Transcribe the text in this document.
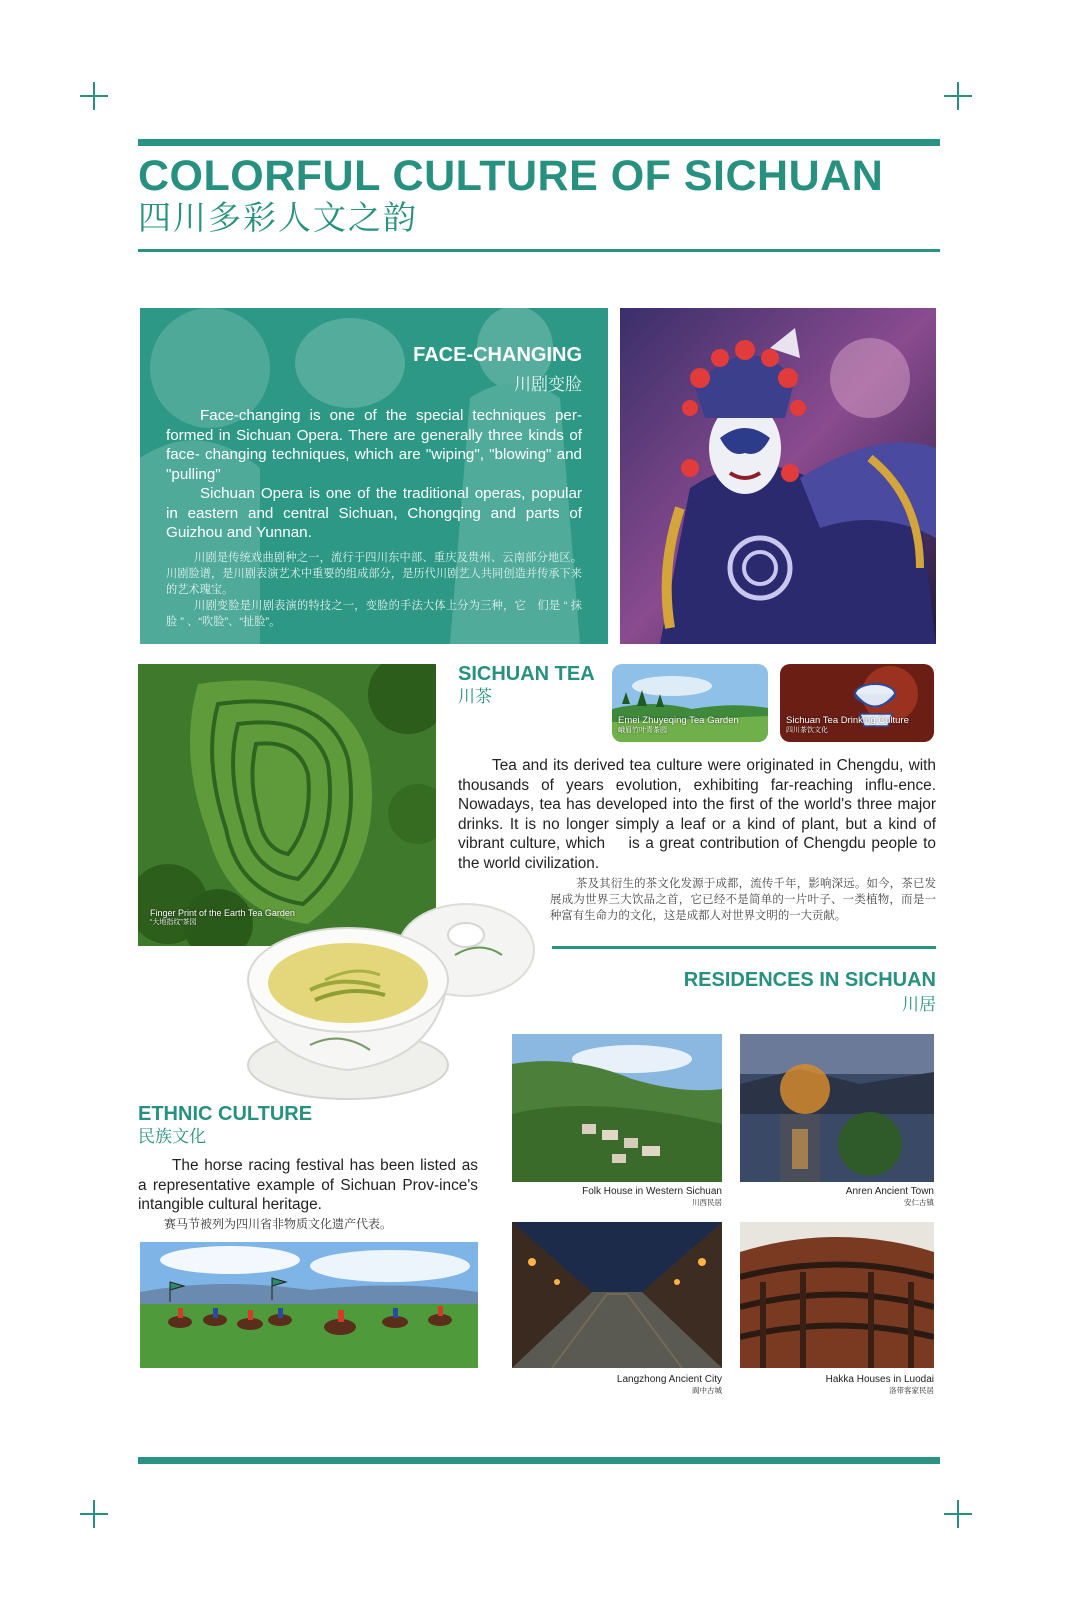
COLORFUL CULTURE OF SICHUAN
四川多彩人文之韵
FACE-CHANGING
川剧变脸

Face-changing is one of the special techniques per-formed in Sichuan Opera. There are generally three kinds of face- changing techniques, which are "wiping", "blowing" and "pulling"

Sichuan Opera is one of the traditional operas, popular in eastern and central Sichuan, Chongqing and parts of Guizhou and Yunnan.

川剧是传统戏曲剧种之一，流行于四川东中部、重庆及贵州、云南部分地区。川剧脸谱，是川剧表演艺术中重要的组成部分，是历代川剧艺人共同创造并传承下来的艺术瑰宝。

川剧变脸是川剧表演的特技之一，变脸的手法大体上分为三种，它　们是 “ 抹 脸 ” 、“吹脸”、“扯脸”。

Finger Print of the Earth Tea Garden
“大地指纹”茶园
SICHUAN TEA
川茶
Emei Zhuyeqing Tea Garden
峨眉竹叶青茶园
Sichuan Tea Drinking Culture
四川茶饮文化

Tea and its derived tea culture were originated in Chengdu, with thousands of years evolution, exhibiting far-reaching influ-ence. Nowadays, tea has developed into the first of the world's three major drinks. It is no longer simply a leaf or a kind of plant, but a kind of vibrant culture, which　 is a great contribution of Chengdu people to the world civilization.

茶及其衍生的茶文化发源于成都，流传千年，影响深远。如今，茶已发展成为世界三大饮品之首，它已经不是简单的一片叶子、一类植物，而是一种富有生命力的文化，这是成都人对世界文明的一大贡献。

RESIDENCES IN SICHUAN
川居
Folk House in Western Sichuan
川西民居
Anren Ancient Town
安仁古镇
Langzhong Ancient City
阆中古城
Hakka Houses in Luodai
洛带客家民居
ETHNIC CULTURE
民族文化

The horse racing festival has been listed as a representative example of Sichuan Prov-ince's intangible cultural heritage.

赛马节被列为四川省非物质文化遗产代表。
